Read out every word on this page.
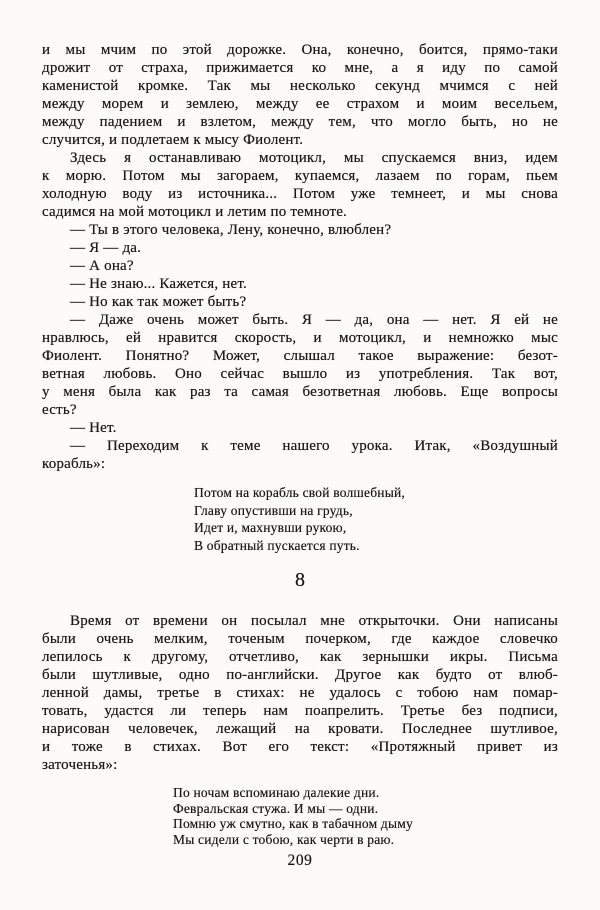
и мы мчим по этой дорожке. Она, конечно, боится, прямо-таки
дрожит от страха, прижимается ко мне, а я иду по самой
каменистой кромке. Так мы несколько секунд мчимся с ней
между морем и землею, между ее страхом и моим весельем,
между падением и взлетом, между тем, что могло быть, но не
случится, и подлетаем к мысу Фиолент.
Здесь я останавливаю мотоцикл, мы спускаемся вниз, идем
к морю. Потом мы загораем, купаемся, лазаем по горам, пьем
холодную воду из источника... Потом уже темнеет, и мы снова
садимся на мой мотоцикл и летим по темноте.
— Ты в этого человека, Лену, конечно, влюблен?
— Я — да.
— А она?
— Не знаю... Кажется, нет.
— Но как так может быть?
— Даже очень может быть. Я — да, она — нет. Я ей не
нравлюсь, ей нравится скорость, и мотоцикл, и немножко мыс
Фиолент. Понятно? Может, слышал такое выражение: безот-
ветная любовь. Оно сейчас вышло из употребления. Так вот,
у меня была как раз та самая безответная любовь. Еще вопросы
есть?
— Нет.
— Переходим к теме нашего урока. Итак, «Воздушный
корабль»:
Потом на корабль свой волшебный,
Главу опустивши на грудь,
Идет и, махнувши рукою,
В обратный пускается путь.
8
Время от времени он посылал мне открыточки. Они написаны
были очень мелким, точеным почерком, где каждое словечко
лепилось к другому, отчетливо, как зернышки икры. Письма
были шутливые, одно по-английски. Другое как будто от влюб-
ленной дамы, третье в стихах: не удалось с тобою нам помар-
товать, удастся ли теперь нам поапрелить. Третье без подписи,
нарисован человечек, лежащий на кровати. Последнее шутливое,
и тоже в стихах. Вот его текст: «Протяжный привет из
заточенья»:
По ночам вспоминаю далекие дни.
Февральская стужа. И мы — одни.
Помню уж смутно, как в табачном дыму
Мы сидели с тобою, как черти в раю.
209
